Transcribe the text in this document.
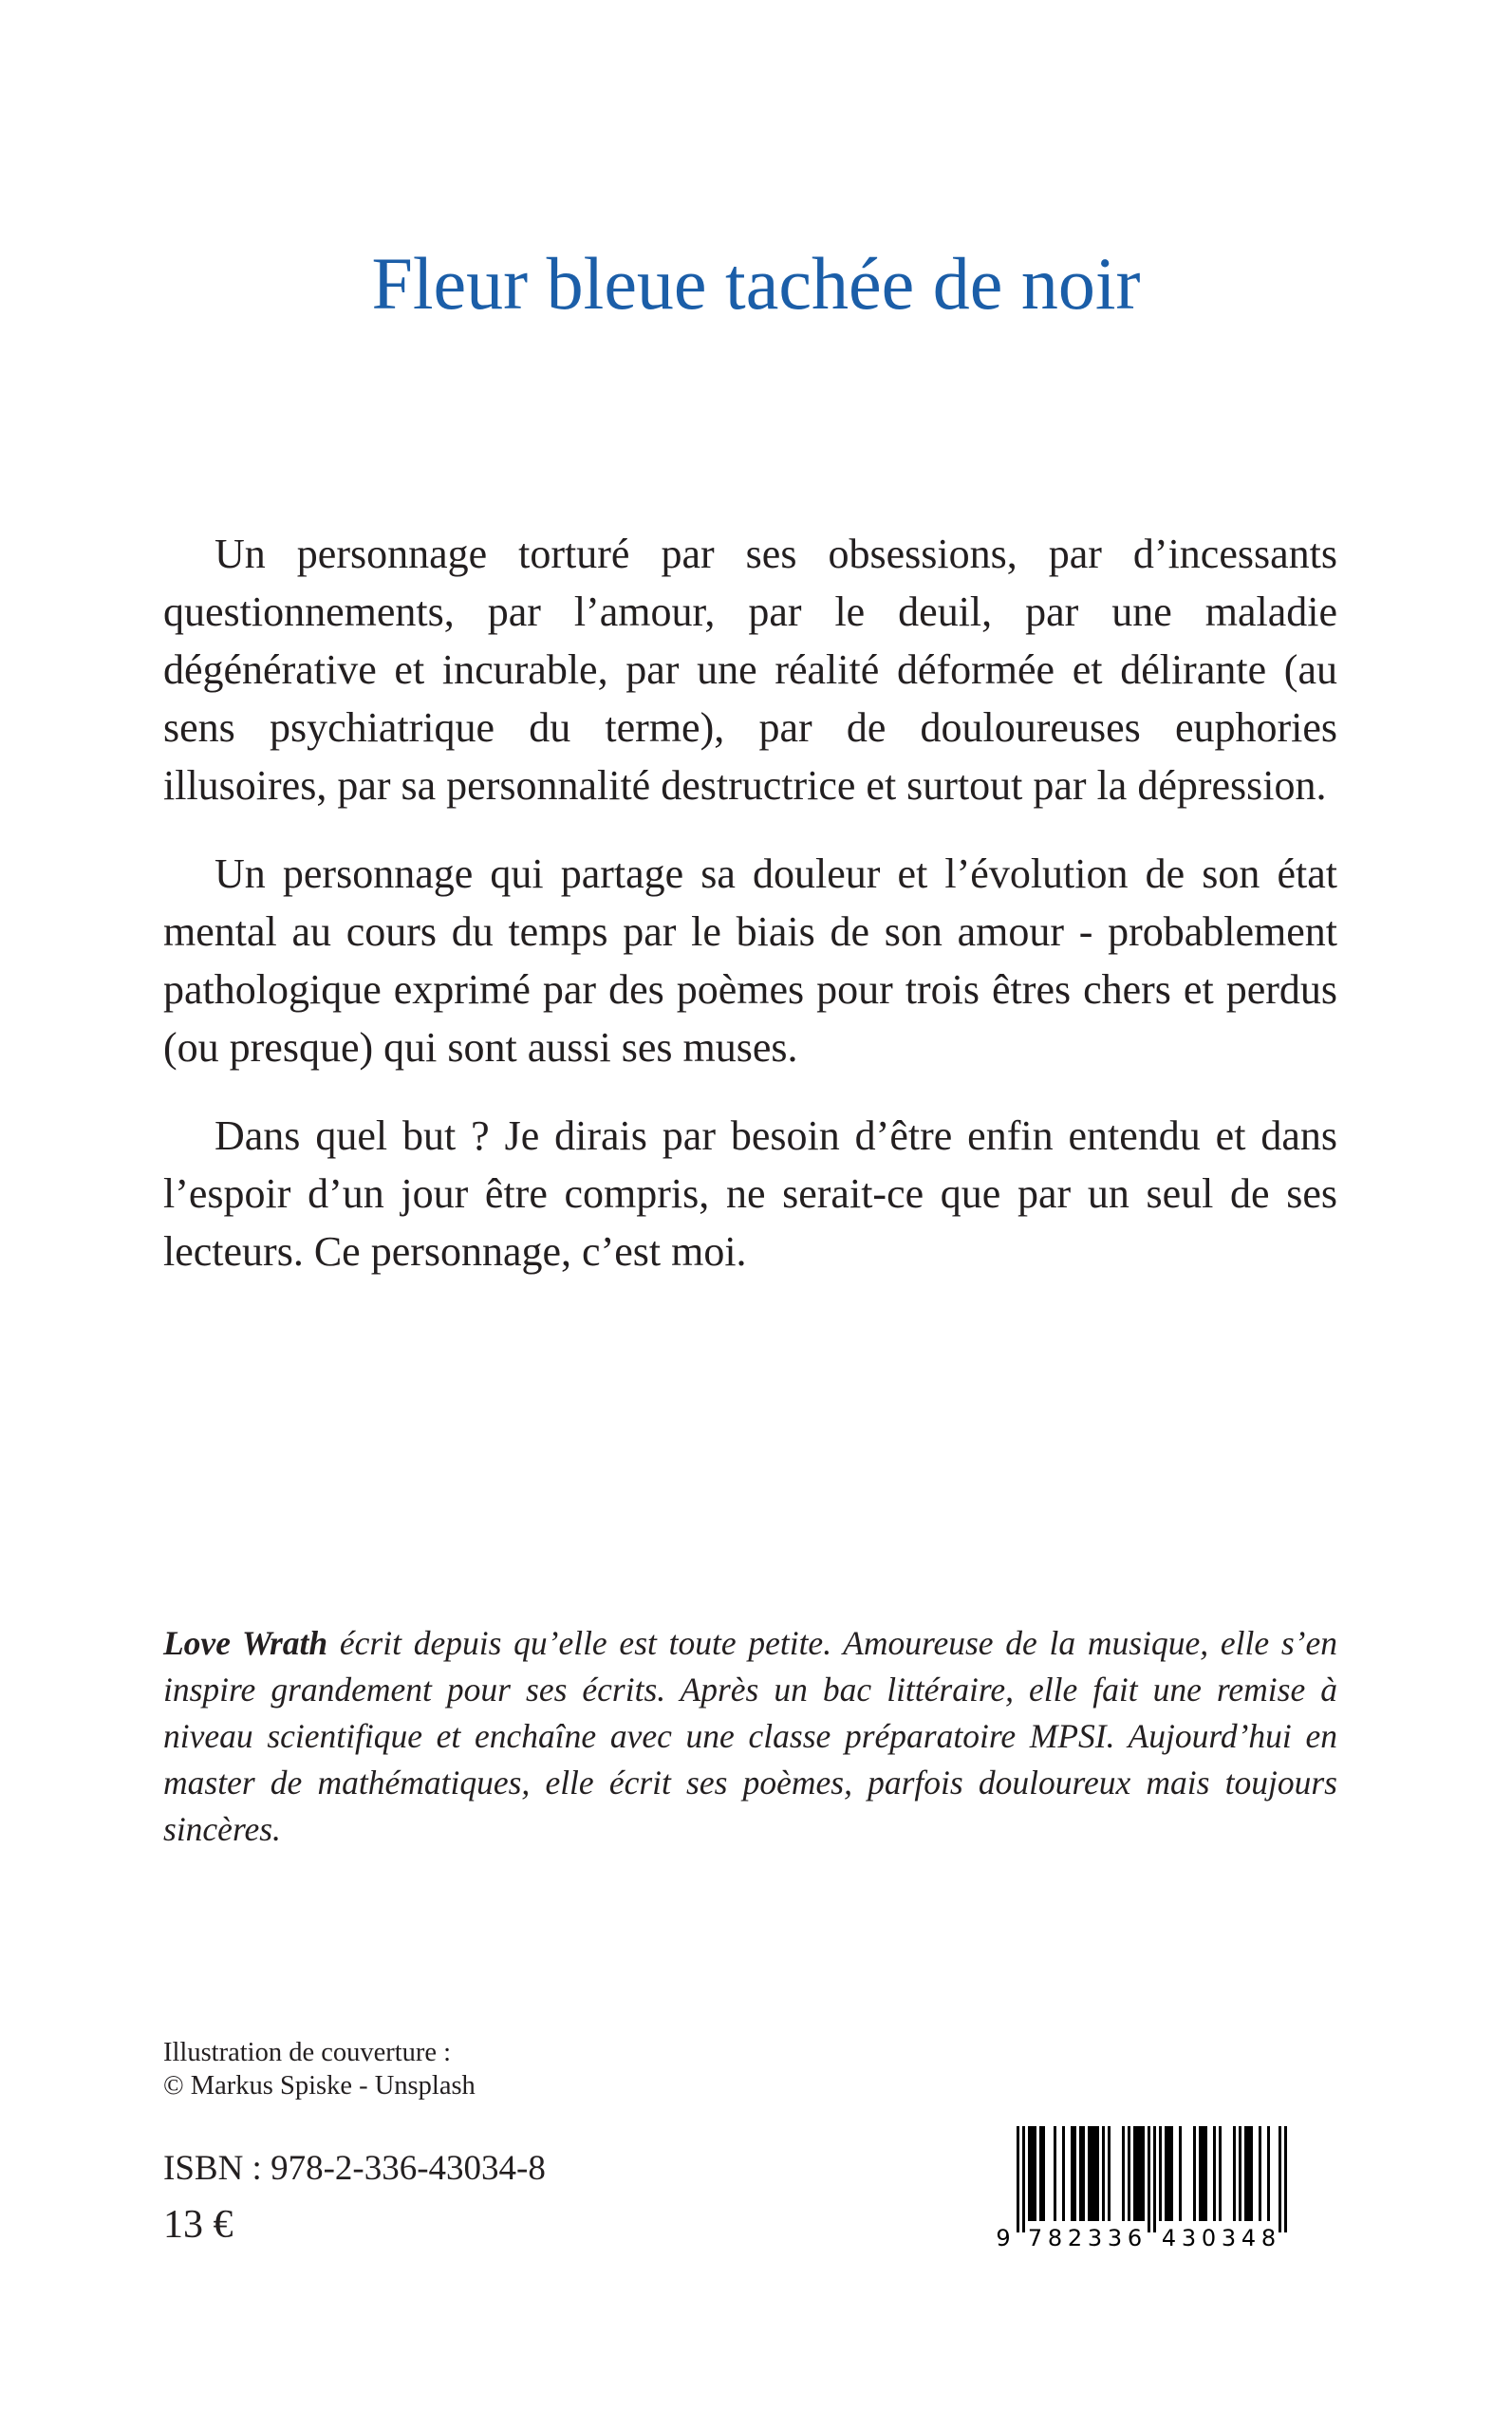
Fleur bleue tachée de noir

Un personnage torturé par ses obsessions, par d’incessants questionnements, par l’amour, par le deuil, par une maladie dégénérative et incurable, par une réalité déformée et délirante (au sens psychiatrique du terme), par de douloureuses euphories illusoires, par sa personnalité destructrice et surtout par la dépression.

Un personnage qui partage sa douleur et l’évolution de son état mental au cours du temps par le biais de son amour - probablement pathologique exprimé par des poèmes pour trois êtres chers et perdus (ou presque) qui sont aussi ses muses.

Dans quel but ? Je dirais par besoin d’être enfin entendu et dans l’espoir d’un jour être compris, ne serait-ce que par un seul de ses lecteurs. Ce personnage, c’est moi.

Love Wrath écrit depuis qu’elle est toute petite. Amoureuse de la musique, elle s’en inspire grandement pour ses écrits. Après un bac littéraire, elle fait une remise à niveau scientifique et enchaîne avec une classe préparatoire MPSI. Aujourd’hui en master de mathématiques, elle écrit ses poèmes, parfois douloureux mais toujours sincères.
Illustration de couverture :
© Markus Spiske - Unsplash
ISBN : 978-2-336-43034-8
13 €	9 7 8 2 3 3 6 4 3 0 3 4 8
